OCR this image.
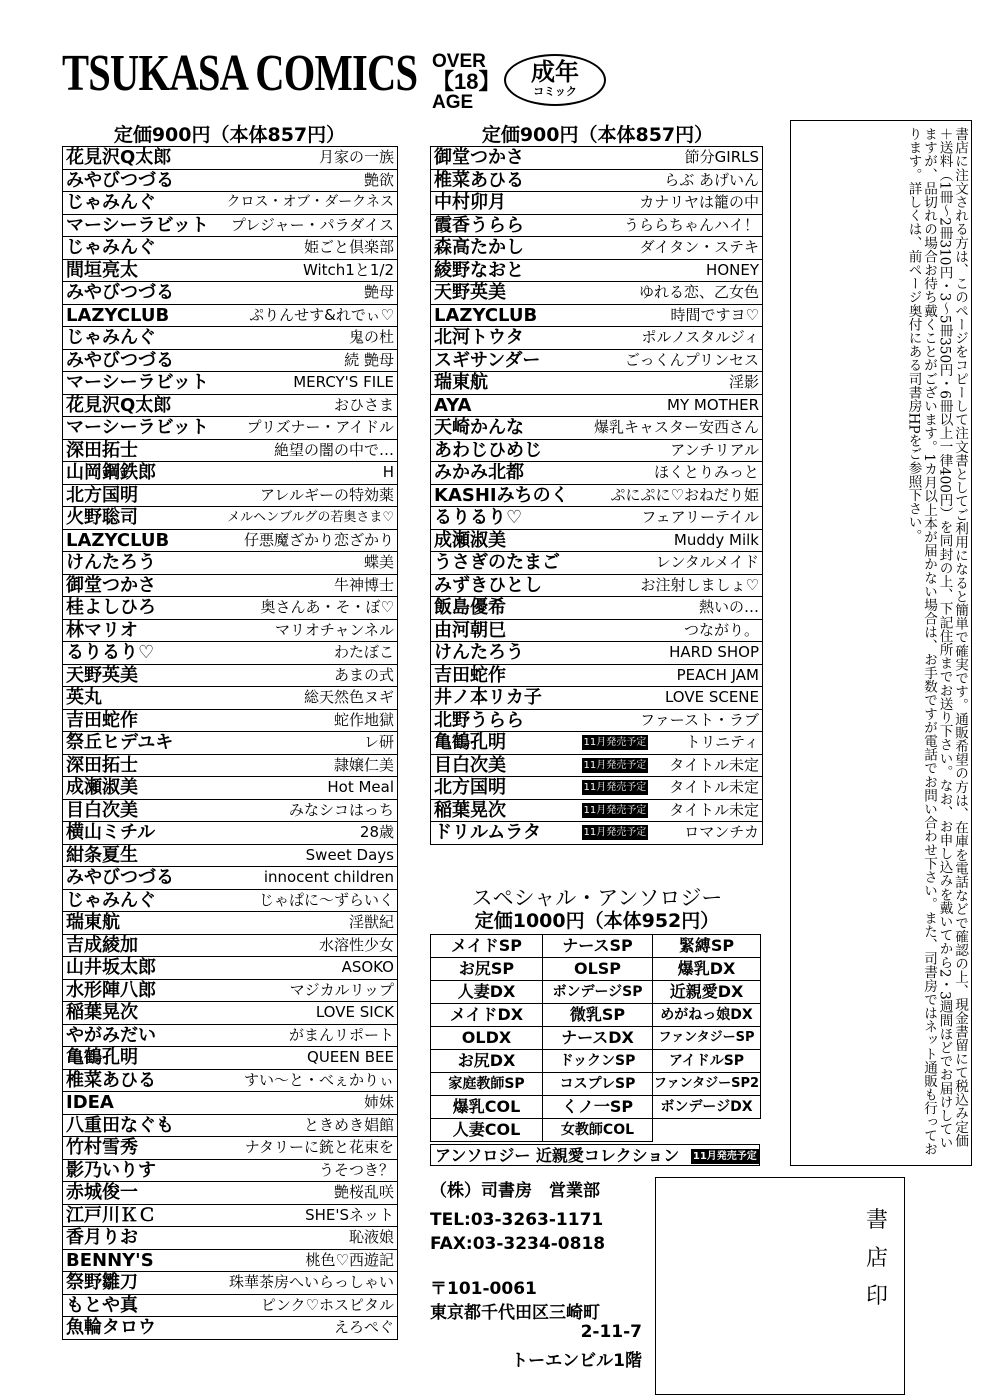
TSUKASA COMICS OVER
【18】
AGE
成年
コミック
定価900円（本体857円）	定価900円（本体857円）
花見沢Q太郎	月家の一族
みやびつづる	艶欲
じゃみんぐ	クロス・オブ・ダークネス
マーシーラビット	プレジャー・パラダイス
じゃみんぐ	姫ごと倶楽部
間垣亮太	Witch1と1/2
みやびつづる	艶母
LAZYCLUB	ぷりんせす&れでぃ♡
じゃみんぐ	鬼の杜
みやびつづる	続 艶母
マーシーラビット	MERCY'S FILE
花見沢Q太郎	おひさま
マーシーラビット	プリズナー・アイドル
深田拓士	絶望の闇の中で…
山岡鋼鉄郎	H
北方国明	アレルギーの特効薬
火野聡司	メルヘンブルグの若奥さま♡
LAZYCLUB	仔悪魔ざかり恋ざかり
けんたろう	蝶美
御堂つかさ	牛神博士
桂よしひろ	奥さんあ・そ・ぼ♡
林マリオ	マリオチャンネル
るりるり♡	わたぼこ
天野英美	あまの式
英丸	総天然色ヌギ
吉田蛇作	蛇作地獄
祭丘ヒデユキ	レ研
深田拓士	隷嬢仁美
成瀬淑美	Hot Meal
目白次美	みなシコはっち
横山ミチル	28歳
紺条夏生	Sweet Days
みやびつづる	innocent children
じゃみんぐ	じゃぱに〜ずらいく
瑞東航	淫獣紀
吉成綾加	水溶性少女
山井坂太郎	ASOKO
水形陣八郎	マジカルリップ
稲葉晃次	LOVE SICK
やがみだい	がまんリポート
亀鶴孔明	QUEEN BEE
椎菜あひる	すい〜と・べぇかりぃ
IDEA	姉妹
八重田なぐも	ときめき娼館
竹村雪秀	ナタリーに銃と花束を
影乃いりす	うそつき？
赤城俊一	艶桜乱咲
江戸川ＫＣ	SHE'Sネット
香月りお	恥液娘
BENNY'S	桃色♡西遊記
祭野雛刀	珠華茶房へいらっしゃい
もとや真	ピンク♡ホスピタル
魚輪タロウ	えろぺぐ
御堂つかさ	節分GIRLS
椎菜あひる	らぶ あげいん
中村卯月	カナリヤは籠の中
霞香うらら	うららちゃんハイ！
森高たかし	ダイタン・ステキ
綾野なおと	HONEY
天野英美	ゆれる恋、乙女色
LAZYCLUB	時間ですヨ♡
北河トウタ	ポルノスタルジィ
スギサンダー	ごっくんプリンセス
瑞東航	淫影
AYA	MY MOTHER
天崎かんな	爆乳キャスター安西さん
あわじひめじ	アンチリアル
みかみ北都	ほくとりみっと
KASHIみちのく	ぷにぷに♡おねだり姫
るりるり♡	フェアリーテイル
成瀬淑美	Muddy Milk
うさぎのたまご	レンタルメイド
みずきひとし	お注射しましょ♡
飯島優希	熱いの…
由河朝巳	つながり。
けんたろう	HARD SHOP
吉田蛇作	PEACH JAM
井ノ本リカ子	LOVE SCENE
北野うらら	ファースト・ラブ
亀鶴孔明	11月発売予定 トリニティ

目白次美	11月発売予定 タイトル未定

北方国明	11月発売予定 タイトル未定

稲葉晃次	11月発売予定 タイトル未定

ドリルムラタ	11月発売予定 ロマンチカ
スペシャル・アンソロジー
定価1000円（本体952円）
メイドSP	ナースSP	緊縛SP
お尻SP	OLSP	爆乳DX
人妻DX	ボンデージSP	近親愛DX
メイドDX	微乳SP	めがねっ娘DX
OLDX	ナースDX	ファンタジーSP
お尻DX	ドックンSP	アイドルSP
家庭教師SP	コスプレSP	ファンタジーSP2
爆乳COL	くノ一SP	ボンデージDX
人妻COL	女教師COL	
アンソロジー 近親愛コレクション 11月発売予定
（株）司書房　営業部
TEL:03-3263-1171
FAX:03-3234-0818
〒101-0061
東京都千代田区三崎町
2-11-7
トーエンビル1階
書店印
書店に注文される方は、このページをコピーして注文書としてご利用になると簡単で確実です。通販希望の方は、在庫を電話などで確認の上、現金書留にて税込み定価＋送料（1冊〜2冊310円・3〜5冊350円・6冊以上一律400円）を同封の上、下記住所までお送り下さい。なお、お申し込みを戴いてから2・3週間ほどでお届けしていますが、品切れの場合お待ち戴くことがございます。1カ月以上本が届かない場合は、お手数ですが電話でお問い合わせ下さい。また、司書房ではネット通販も行っております。詳しくは、前ページ奥付にある司書房HPをご参照下さい。
